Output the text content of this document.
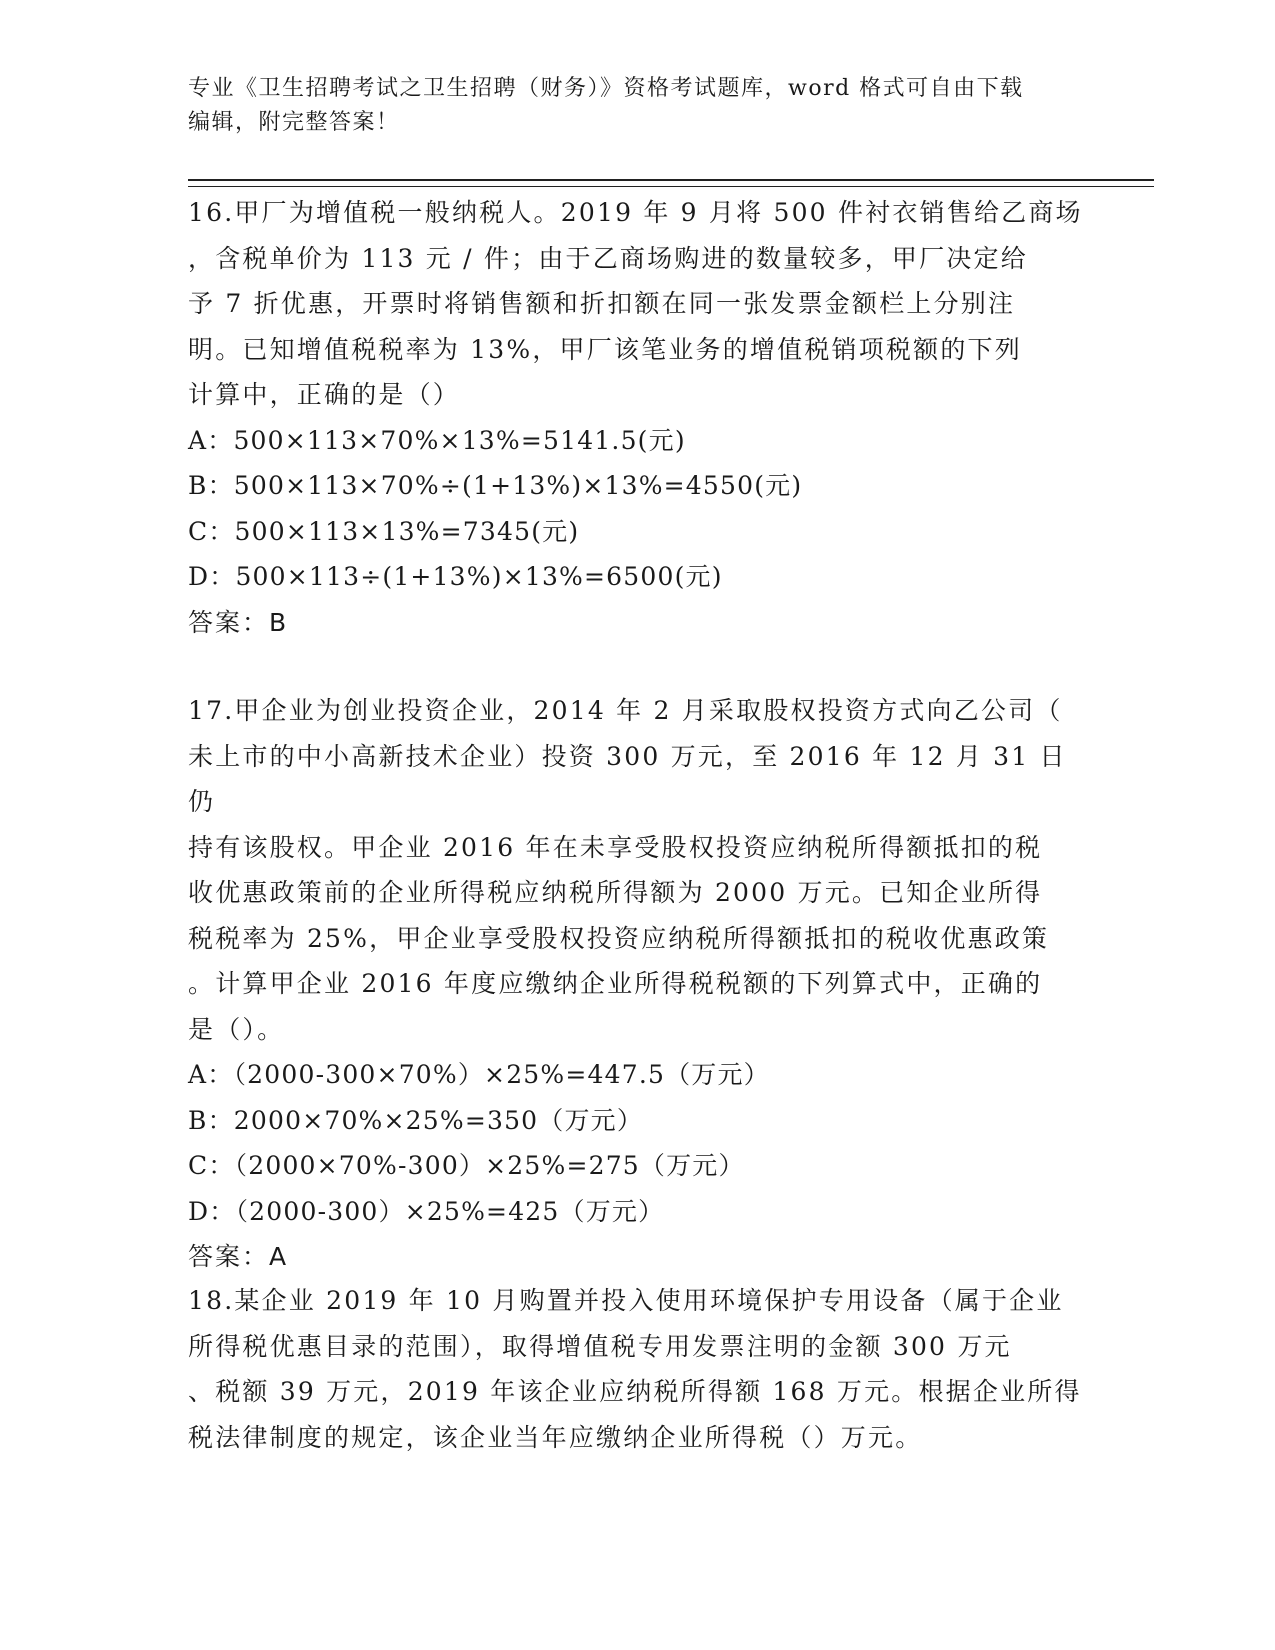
专业《卫生招聘考试之卫生招聘（财务）》资格考试题库，word 格式可自由下载
编辑，附完整答案！

16.甲厂为增值税一般纳税人。2019 年 9 月将 500 件衬衣销售给乙商场
，含税单价为 113 元 / 件；由于乙商场购进的数量较多，甲厂决定给
予 7 折优惠，开票时将销售额和折扣额在同一张发票金额栏上分别注
明。已知增值税税率为 13%，甲厂该笔业务的增值税销项税额的下列
计算中，正确的是（）

A：500×113×70%×13%=5141.5(元)

B：500×113×70%÷(1+13%)×13%=4550(元)

C：500×113×13%=7345(元)

D：500×113÷(1+13%)×13%=6500(元)

答案：B

17.甲企业为创业投资企业，2014 年 2 月采取股权投资方式向乙公司（
未上市的中小高新技术企业）投资 300 万元，至 2016 年 12 月 31 日仍
持有该股权。甲企业 2016 年在未享受股权投资应纳税所得额抵扣的税
收优惠政策前的企业所得税应纳税所得额为 2000 万元。已知企业所得
税税率为 25%，甲企业享受股权投资应纳税所得额抵扣的税收优惠政策
。计算甲企业 2016 年度应缴纳企业所得税税额的下列算式中，正确的
是（）。

A：（2000-300×70%）×25%=447.5（万元）

B：2000×70%×25%=350（万元）

C：（2000×70%-300）×25%=275（万元）

D：（2000-300）×25%=425（万元）

答案：A

18.某企业 2019 年 10 月购置并投入使用环境保护专用设备（属于企业
所得税优惠目录的范围），取得增值税专用发票注明的金额 300 万元
、税额 39 万元，2019 年该企业应纳税所得额 168 万元。根据企业所得
税法律制度的规定，该企业当年应缴纳企业所得税（）万元。
